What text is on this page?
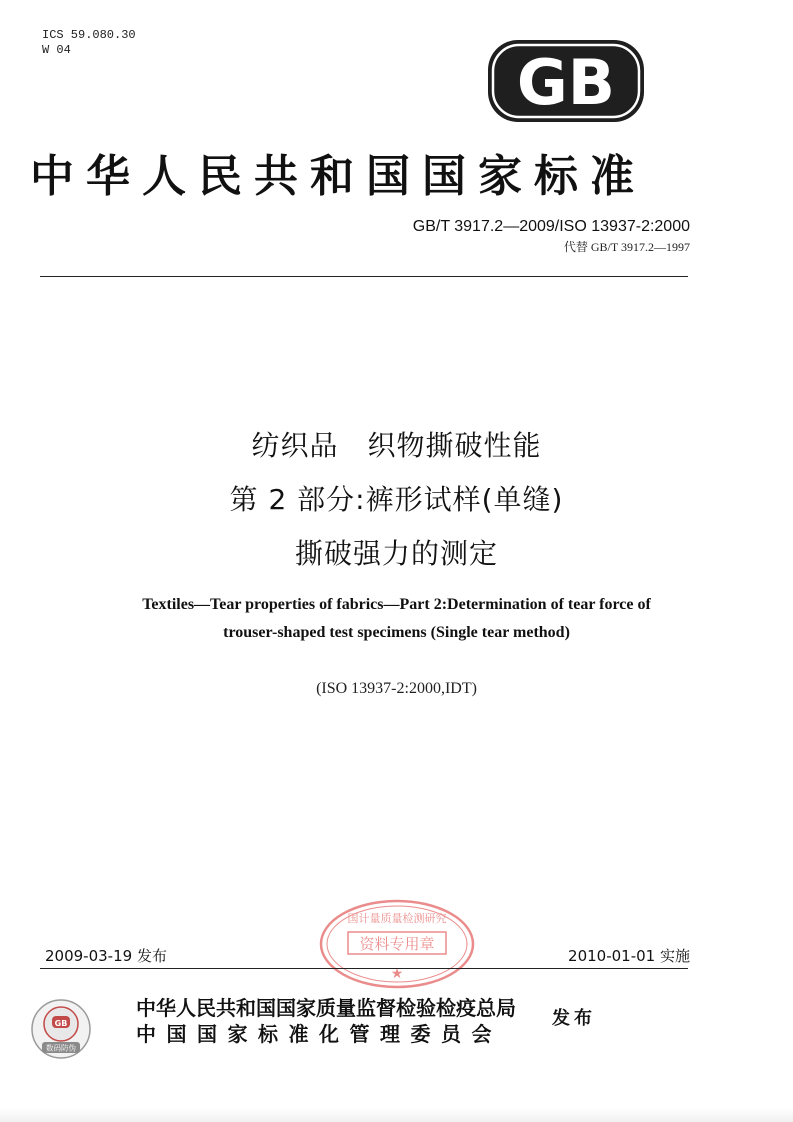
ICS 59.080.30
W 04	GB
中华人民共和国国家标准
GB/T 3917.2—2009/ISO 13937-2:2000
代替 GB/T 3917.2—1997
纺织品　织物撕破性能
第 2 部分:裤形试样(单缝)
撕破强力的测定
Textiles—Tear properties of fabrics—Part 2:Determination of tear force of
trouser-shaped test specimens (Single tear method)
(ISO 13937-2:2000,IDT)
国计量质量检测研究
资料专用章
★
2009-03-19 发布	2010-01-01 实施
GB
数码防伪
中华人民共和国国家质量监督检验检疫总局
中国国家标准化管理委员会
发布
